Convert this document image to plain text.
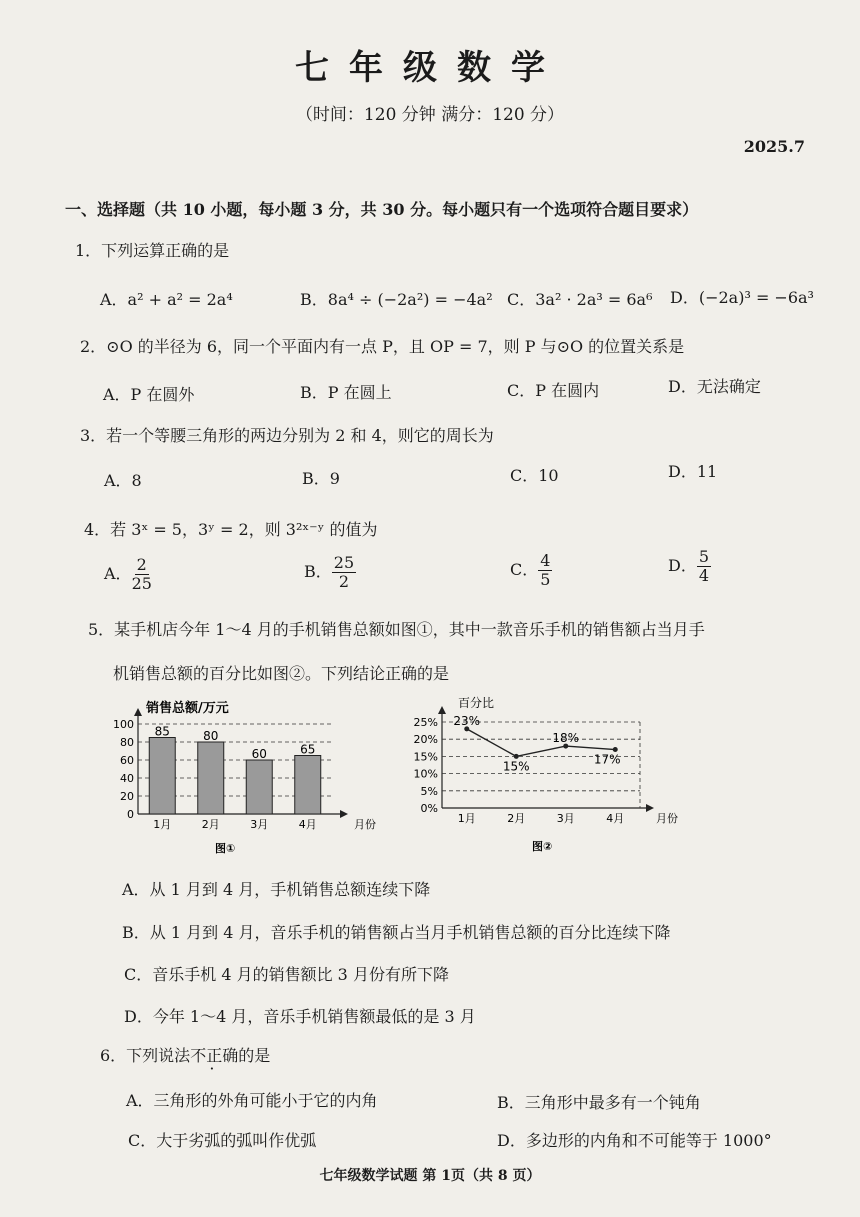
七年级数学
（时间：120 分钟 满分：120 分）
2025.7
一、选择题（共 10 小题，每小题 3 分，共 30 分。每小题只有一个选项符合题目要求）
1．下列运算正确的是
A．a² + a² = 2a⁴	B．8a⁴ ÷ (−2a²) = −4a² C．3a² · 2a³ = 6a⁶ D．(−2a)³ = −6a³
2．⊙O 的半径为 6，同一个平面内有一点 P，且 OP = 7，则 P 与⊙O 的位置关系是
A．P 在圆外	B．P 在圆上	C．P 在圆内	D．无法确定
3．若一个等腰三角形的两边分别为 2 和 4，则它的周长为
A．8	B．9	C．10	D．11
4．若 3ˣ = 5，3ʸ = 2，则 3²ˣ⁻ʸ 的值为
A． $\frac{2}{25}$	B． $\frac{25}{2}$	C． $\frac{4}{5}$	D． $\frac{5}{4}$
5．某手机店今年 1～4 月的手机销售总额如图①，其中一款音乐手机的销售额占当月手
机销售总额的百分比如图②。下列结论正确的是
销售总额/万元
0
20
40
60
80
100 85
1月
80
2月
60
3月
65
4月	月份
图①
百分比
0%
5%
10%
15%
20%
25% 23%
1月
15%
2月
18%
3月
17%
4月	月份
图②
A．从 1 月到 4 月，手机销售总额连续下降
B．从 1 月到 4 月，音乐手机的销售额占当月手机销售总额的百分比连续下降
C．音乐手机 4 月的销售额比 3 月份有所下降
D．今年 1～4 月，音乐手机销售额最低的是 3 月
6．下列说法不正确的是
A．三角形的外角可能小于它的内角	B．三角形中最多有一个钝角
C．大于劣弧的弧叫作优弧	D．多边形的内角和不可能等于 1000°
七年级数学试题 第 1页（共 8 页）
